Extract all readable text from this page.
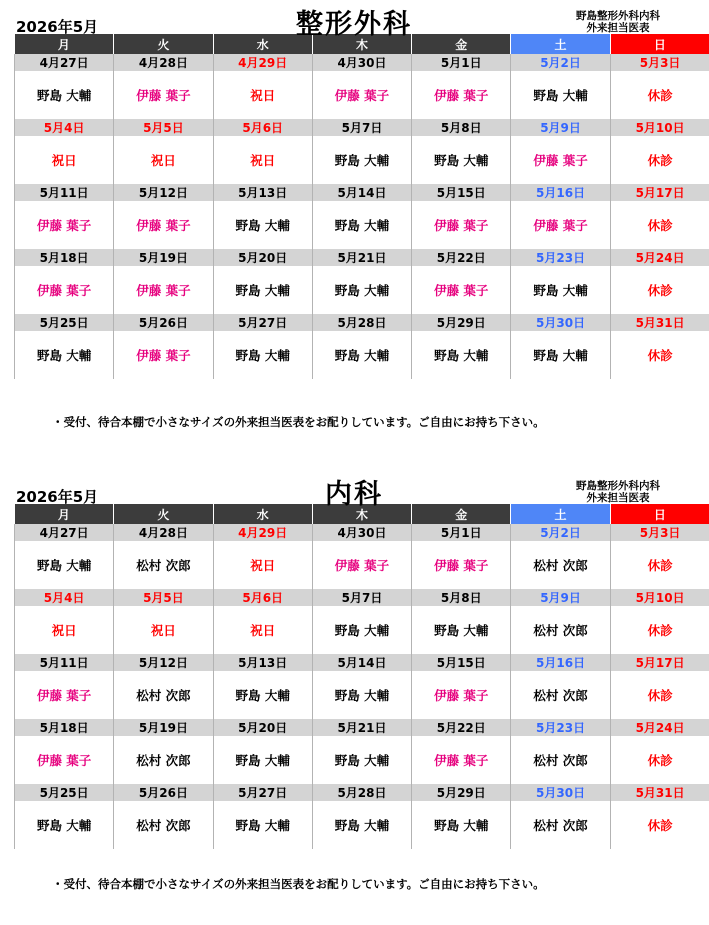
2026年5月	整形外科	野島整形外科内科
外来担当医表
月	火	水	木	金	土	日
4月27日	4月28日	4月29日	4月30日	5月1日	5月2日	5月3日
野島 大輔	伊藤 葉子	祝日	伊藤 葉子	伊藤 葉子	野島 大輔	休診
5月4日	5月5日	5月6日	5月7日	5月8日	5月9日	5月10日
祝日	祝日	祝日	野島 大輔	野島 大輔	伊藤 葉子	休診
5月11日	5月12日	5月13日	5月14日	5月15日	5月16日	5月17日
伊藤 葉子	伊藤 葉子	野島 大輔	野島 大輔	伊藤 葉子	伊藤 葉子	休診
5月18日	5月19日	5月20日	5月21日	5月22日	5月23日	5月24日
伊藤 葉子	伊藤 葉子	野島 大輔	野島 大輔	伊藤 葉子	野島 大輔	休診
5月25日	5月26日	5月27日	5月28日	5月29日	5月30日	5月31日
野島 大輔	伊藤 葉子	野島 大輔	野島 大輔	野島 大輔	野島 大輔	休診
・受付、待合本棚で小さなサイズの外来担当医表をお配りしています。ご自由にお持ち下さい。
2026年5月	内科	野島整形外科内科
外来担当医表
月	火	水	木	金	土	日
4月27日	4月28日	4月29日	4月30日	5月1日	5月2日	5月3日
野島 大輔	松村 次郎	祝日	伊藤 葉子	伊藤 葉子	松村 次郎	休診
5月4日	5月5日	5月6日	5月7日	5月8日	5月9日	5月10日
祝日	祝日	祝日	野島 大輔	野島 大輔	松村 次郎	休診
5月11日	5月12日	5月13日	5月14日	5月15日	5月16日	5月17日
伊藤 葉子	松村 次郎	野島 大輔	野島 大輔	伊藤 葉子	松村 次郎	休診
5月18日	5月19日	5月20日	5月21日	5月22日	5月23日	5月24日
伊藤 葉子	松村 次郎	野島 大輔	野島 大輔	伊藤 葉子	松村 次郎	休診
5月25日	5月26日	5月27日	5月28日	5月29日	5月30日	5月31日
野島 大輔	松村 次郎	野島 大輔	野島 大輔	野島 大輔	松村 次郎	休診
・受付、待合本棚で小さなサイズの外来担当医表をお配りしています。ご自由にお持ち下さい。
